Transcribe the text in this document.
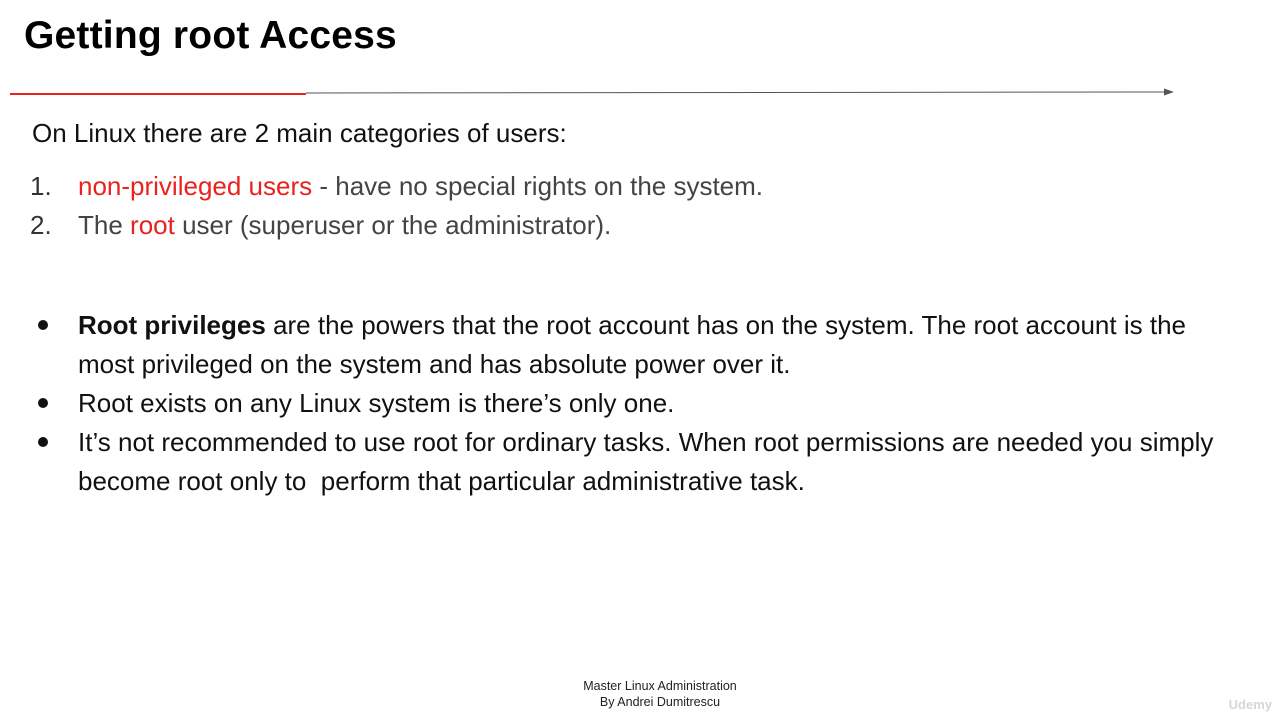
Getting root Access
On Linux there are 2 main categories of users:
1. non-privileged users - have no special rights on the system.
2. The root user (superuser or the administrator).
Root privileges are the powers that the root account has on the system. The root account is the most privileged on the system and has absolute power over it.
Root exists on any Linux system is there’s only one.
It’s not recommended to use root for ordinary tasks. When root permissions are needed you simply become root only to  perform that particular administrative task.
Master Linux Administration
By Andrei Dumitrescu	Udemy
